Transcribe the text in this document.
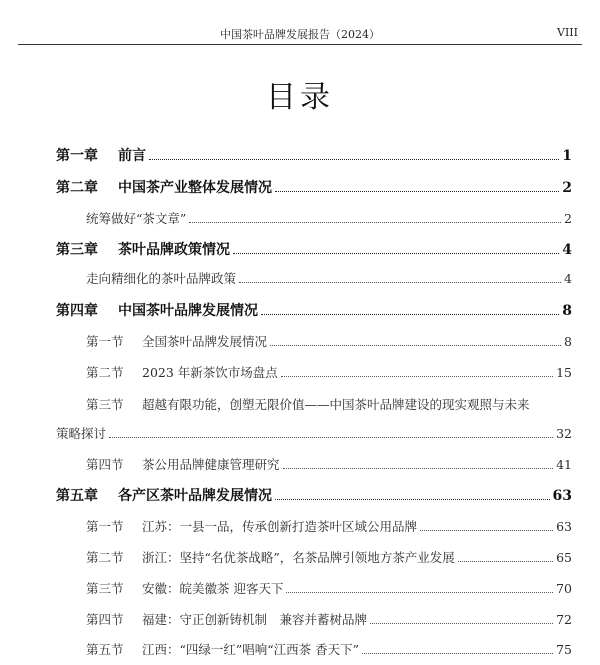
中国茶叶品牌发展报告（2024）	VIII
目录
第一章	前言	1
第二章	中国茶产业整体发展情况	2
统筹做好“茶文章”	2
第三章	茶叶品牌政策情况	4
走向精细化的茶叶品牌政策	4
第四章	中国茶叶品牌发展情况	8
第一节	全国茶叶品牌发展情况	8
第二节	2023 年新茶饮市场盘点	15
第三节 超越有限功能，创塑无限价值——中国茶叶品牌建设的现实观照与未来
策略探讨	32
第四节	茶公用品牌健康管理研究	41
第五章	各产区茶叶品牌发展情况	63
第一节	江苏：一县一品，传承创新打造茶叶区域公用品牌	63
第二节	浙江：坚持“名优茶战略”，名茶品牌引领地方茶产业发展	65
第三节	安徽：皖美徽茶 迎客天下	70
第四节	福建：守正创新铸机制　兼容并蓄树品牌	72
第五节	江西：“四绿一红”唱响“江西茶 香天下”	75
